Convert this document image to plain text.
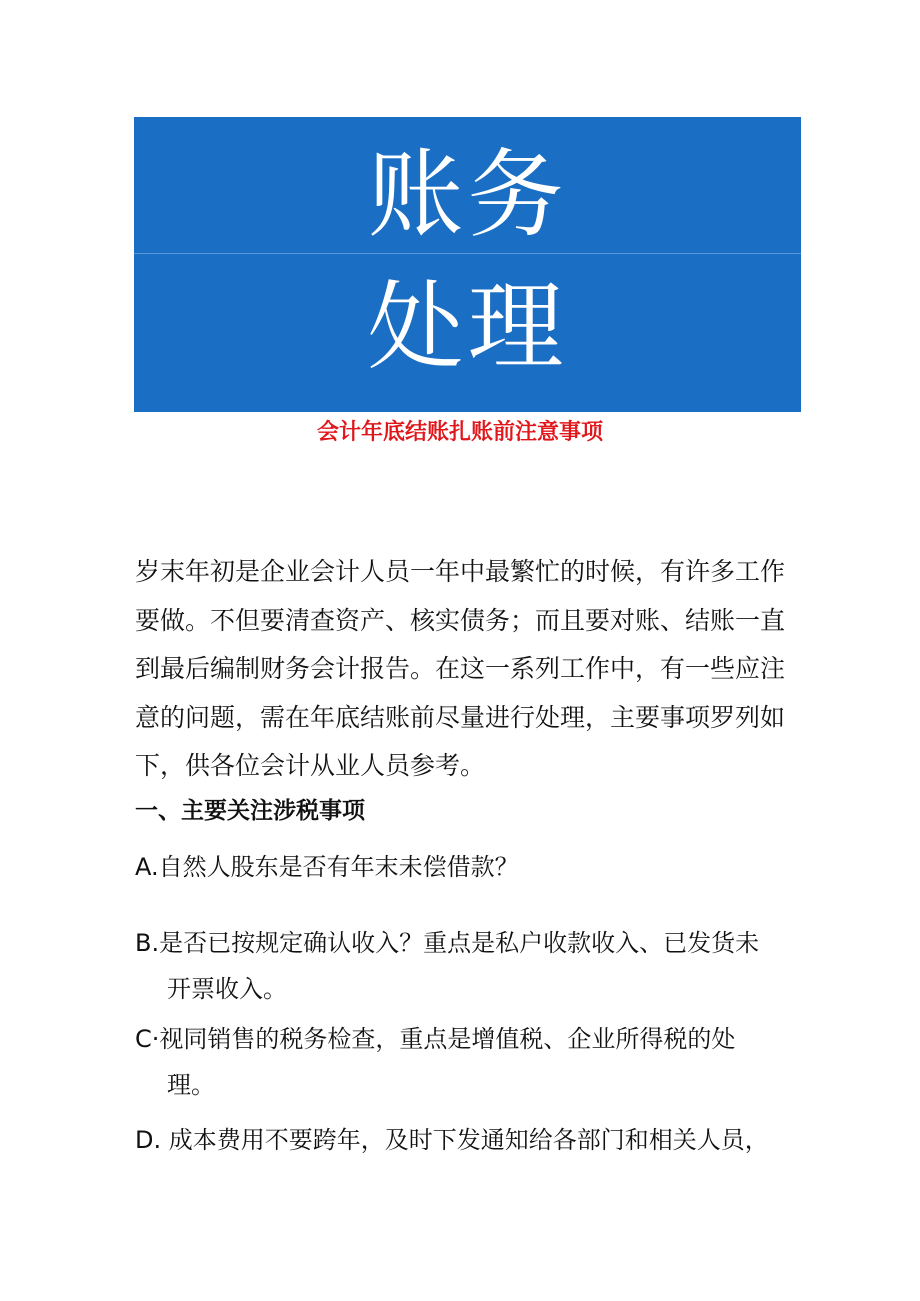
账务
处理
会计年底结账扎账前注意事项

岁末年初是企业会计人员一年中最繁忙的时候，有许多工作要做。不但要清查资产、核实债务；而且要对账、结账一直到最后编制财务会计报告。在这一系列工作中，有一些应注意的问题，需在年底结账前尽量进行处理，主要事项罗列如下，供各位会计从业人员参考。

一、主要关注涉税事项
A.自然人股东是否有年末未偿借款？
B.是否已按规定确认收入？重点是私户收款收入、已发货未
开票收入。
C·视同销售的税务检查，重点是增值税、企业所得税的处
理。
D. 成本费用不要跨年，及时下发通知给各部门和相关人员，
